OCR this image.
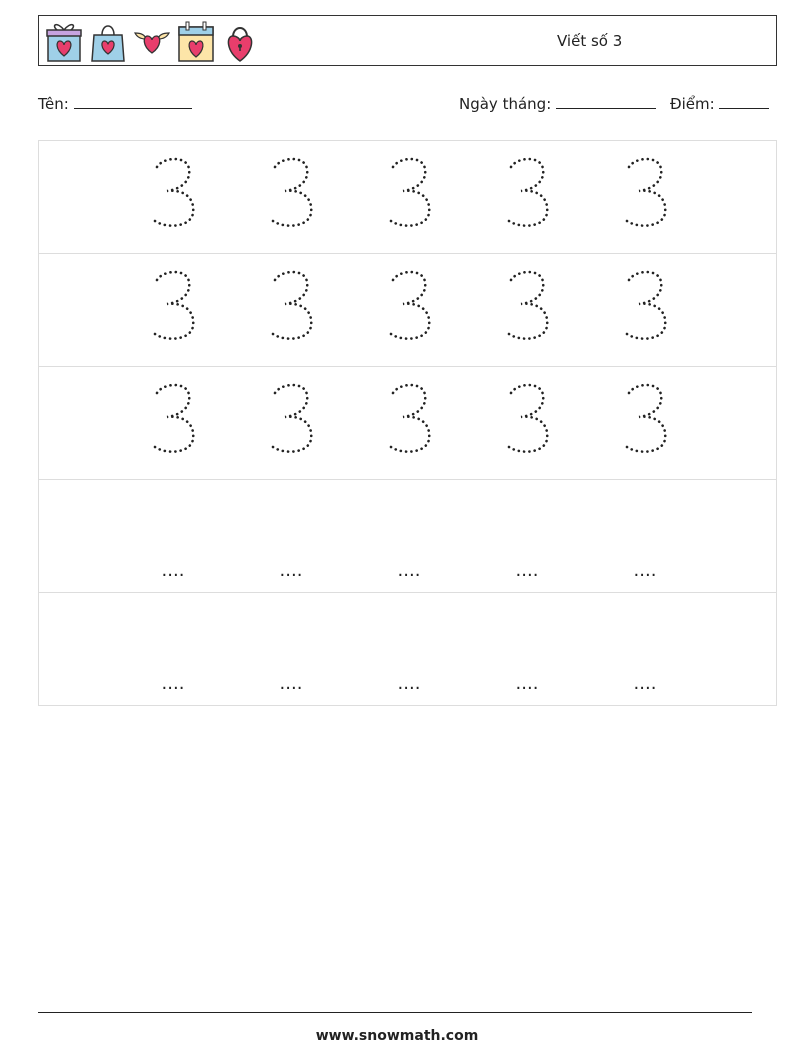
Viết số 3
Tên:	Ngày tháng:	Điểm:
3	3	3	3	3
3	3	3	3	3
3	3	3	3	3
....	....	....	....	....
....	....	....	....	....
www.snowmath.com
